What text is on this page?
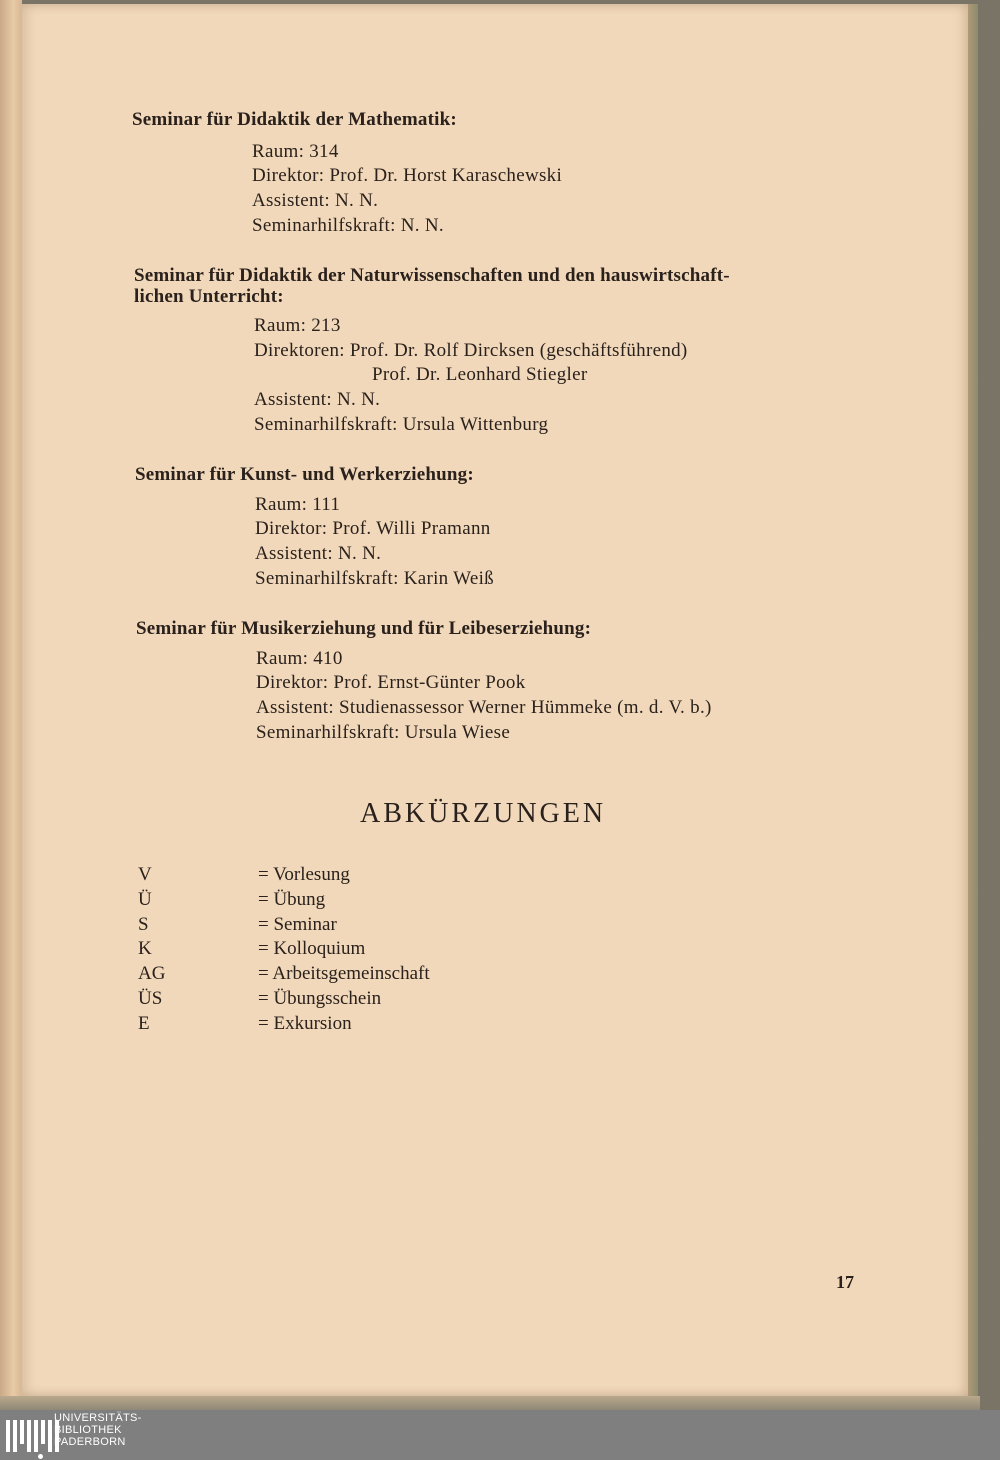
Seminar für Didaktik der Mathematik:
Raum: 314
Direktor: Prof. Dr. Horst Karaschewski
Assistent: N. N.
Seminarhilfskraft: N. N.
Seminar für Didaktik der Naturwissenschaften und den hauswirtschaft-
lichen Unterricht:
Raum: 213
Direktoren: Prof. Dr. Rolf Dircksen (geschäftsführend)
Prof. Dr. Leonhard Stiegler
Assistent: N. N.
Seminarhilfskraft: Ursula Wittenburg
Seminar für Kunst- und Werkerziehung:
Raum: 111
Direktor: Prof. Willi Pramann
Assistent: N. N.
Seminarhilfskraft: Karin Weiß
Seminar für Musikerziehung und für Leibeserziehung:
Raum: 410
Direktor: Prof. Ernst-Günter Pook
Assistent: Studienassessor Werner Hümmeke (m. d. V. b.)
Seminarhilfskraft: Ursula Wiese
ABKÜRZUNGEN
V	= Vorlesung
Ü	= Übung
S	= Seminar
K	= Kolloquium
AG	= Arbeitsgemeinschaft
ÜS	= Übungsschein
E	= Exkursion
17
UNIVERSITÄTS-
BIBLIOTHEK
PADERBORN
